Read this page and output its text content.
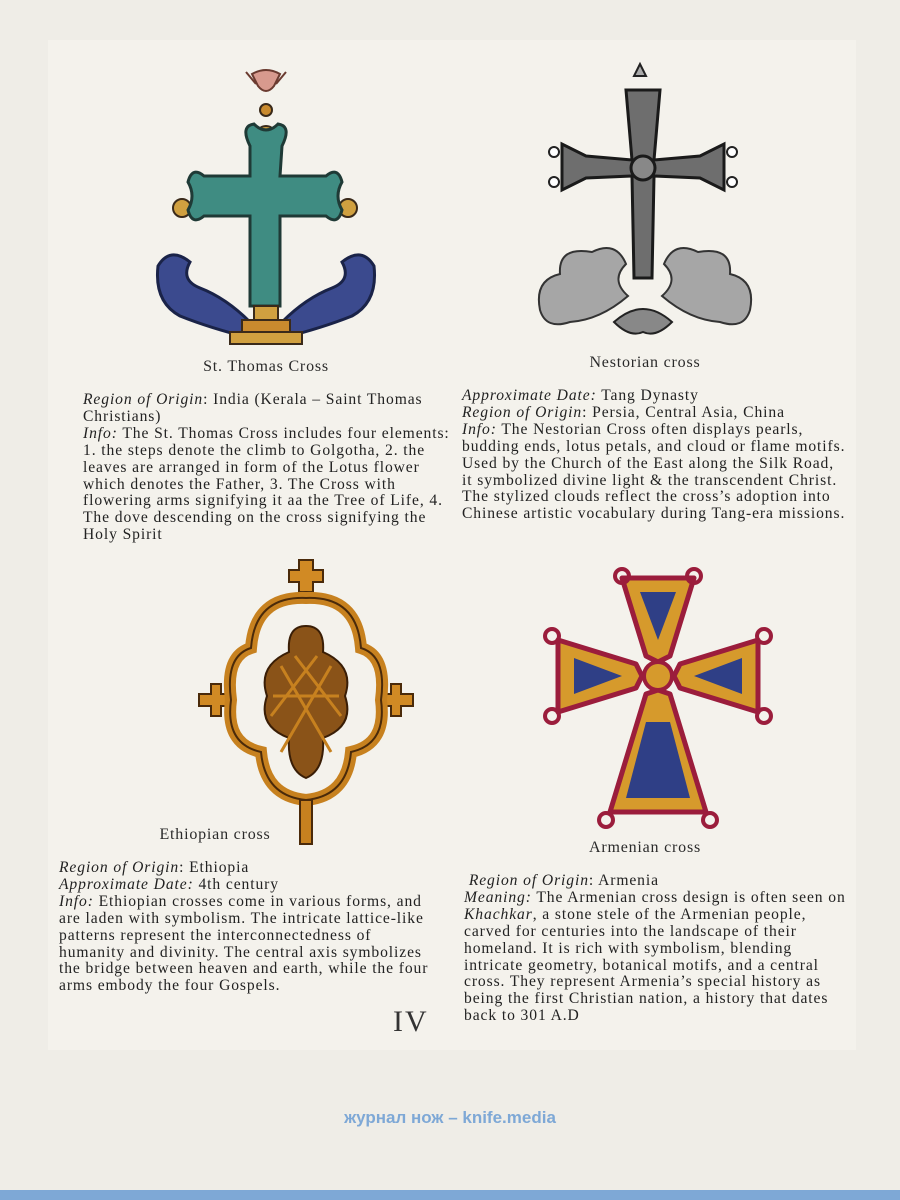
St. Thomas Cross	Nestorian cross
Ethiopian cross
Armenian cross

Region of Origin: India (Kerala – Saint Thomas Christians)

Info: The St. Thomas Cross includes four elements: 1. the steps denote the climb to Golgotha, 2. the leaves are arranged in form of the Lotus flower which denotes the Father, 3. The Cross with flowering arms signifying it aa the Tree of Life, 4. The dove descending on the cross signifying the Holy Spirit

Approximate Date: Tang Dynasty

Region of Origin: Persia, Central Asia, China

Info: The Nestorian Cross often displays pearls, budding ends, lotus petals, and cloud or flame motifs. Used by the Church of the East along the Silk Road, it symbolized divine light & the transcendent Christ. The stylized clouds reflect the cross’s adoption into Chinese artistic vocabulary during Tang-era missions.

Region of Origin: Ethiopia

Approximate Date: 4th century

Info: Ethiopian crosses come in various forms, and are laden with symbolism. The intricate lattice-like patterns represent the interconnectedness of humanity and divinity. The central axis symbolizes the bridge between heaven and earth, while the four arms embody the four Gospels.

Region of Origin: Armenia

Meaning: The Armenian cross design is often seen on Khachkar, a stone stele of the Armenian people, carved for centuries into the landscape of their homeland. It is rich with symbolism, blending intricate geometry, botanical motifs, and a central cross. They represent Armenia’s special history as being the first Christian nation, a history that dates back to 301 A.D

IV
журнал нож – knife.media
